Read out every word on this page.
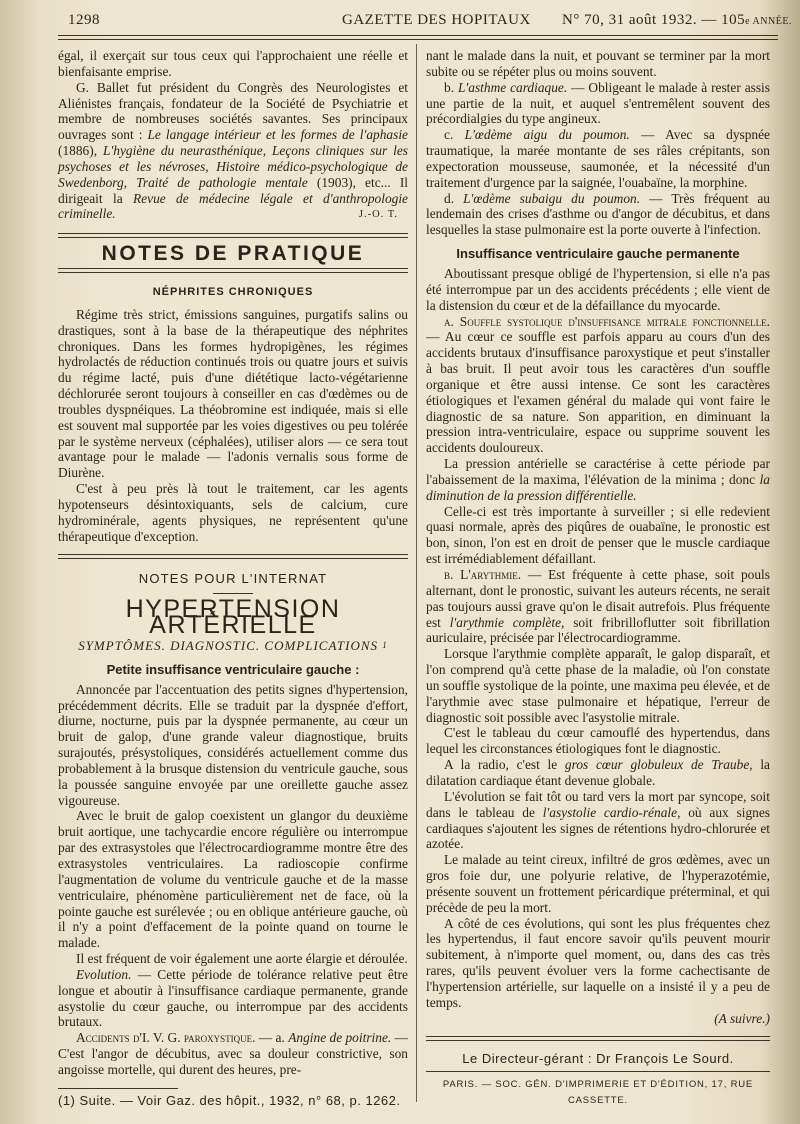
1298	GAZETTE DES HOPITAUX N° 70, 31 août 1932. — 105e ANNÉE.

égal, il exerçait sur tous ceux qui l'approchaient une réelle et bienfaisante emprise.

G. Ballet fut président du Congrès des Neurologistes et Aliénistes français, fondateur de la Société de Psychiatrie et membre de nombreuses sociétés savantes. Ses principaux ouvrages sont : Le langage intérieur et les formes de l'aphasie (1886), L'hygiène du neurasthénique, Leçons cliniques sur les psychoses et les névroses, Histoire médico-psychologique de Swedenborg, Traité de pathologie mentale (1903), etc... Il dirigeait la Revue de médecine légale et d'anthropologie criminelle.	J.-O. T.
NOTES DE PRATIQUE
NÉPHRITES CHRONIQUES

Régime très strict, émissions sanguines, purgatifs salins ou drastiques, sont à la base de la thérapeutique des néphrites chroniques. Dans les formes hydropigènes, les régimes hydrolactés de réduction continués trois ou quatre jours et suivis du régime lacté, puis d'une diététique lacto-végétarienne déchlorurée seront toujours à conseiller en cas d'œdèmes ou de troubles dyspnéiques. La théobromine est indiquée, mais si elle est souvent mal supportée par les voies digestives ou peu tolérée par le système nerveux (céphalées), utiliser alors — ce sera tout avantage pour le malade — l'adonis vernalis sous forme de Diurène.

C'est à peu près là tout le traitement, car les agents hypotenseurs désintoxiquants, sels de calcium, cure hydrominérale, agents physiques, ne représentent qu'une thérapeutique d'exception.

NOTES POUR L'INTERNAT
HYPERTENSION ARTÉRIELLE
SYMPTÔMES. DIAGNOSTIC. COMPLICATIONS $^1$
Petite insuffisance ventriculaire gauche :

Annoncée par l'accentuation des petits signes d'hypertension, précédemment décrits. Elle se traduit par la dyspnée d'effort, diurne, nocturne, puis par la dyspnée permanente, au cœur un bruit de galop, d'une grande valeur diagnostique, bruits surajoutés, présystoliques, considérés actuellement comme dus probablement à la brusque distension du ventricule gauche, sous la poussée sanguine envoyée par une oreillette gauche assez vigoureuse.

Avec le bruit de galop coexistent un glangor du deuxième bruit aortique, une tachycardie encore régulière ou interrompue par des extrasystoles que l'électrocardiogramme montre être des extrasystoles ventriculaires. La radioscopie confirme l'augmentation de volume du ventricule gauche et de la masse ventriculaire, phénomène particulièrement net de face, où la pointe gauche est surélevée ; ou en oblique antérieure gauche, où il n'y a point d'effacement de la pointe quand on tourne le malade.

Il est fréquent de voir également une aorte élargie et déroulée.

Evolution. — Cette période de tolérance relative peut être longue et aboutir à l'insuffisance cardiaque permanente, grande asystolie du cœur gauche, ou interrompue par des accidents brutaux.

Accidents d'I. V. G. paroxystique. — a. Angine de poitrine. — C'est l'angor de décubitus, avec sa douleur constrictive, son angoisse mortelle, qui durent des heures, pre-

(1) Suite. — Voir Gaz. des hôpit., 1932, n° 68, p. 1262.

nant le malade dans la nuit, et pouvant se terminer par la mort subite ou se répéter plus ou moins souvent.

b. L'asthme cardiaque. — Obligeant le malade à rester assis une partie de la nuit, et auquel s'entremêlent souvent des précordialgies du type angineux.

c. L'œdème aigu du poumon. — Avec sa dyspnée traumatique, la marée montante de ses râles crépitants, son expectoration mousseuse, saumonée, et la nécessité d'un traitement d'urgence par la saignée, l'ouabaïne, la morphine.

d. L'œdème subaigu du poumon. — Très fréquent au lendemain des crises d'asthme ou d'angor de décubitus, et dans lesquelles la stase pulmonaire est la porte ouverte à l'infection.

Insuffisance ventriculaire gauche permanente

Aboutissant presque obligé de l'hypertension, si elle n'a pas été interrompue par un des accidents précédents ; elle vient de la distension du cœur et de la défaillance du myocarde.

a. Souffle systolique d'insuffisance mitrale fonctionnelle. — Au cœur ce souffle est parfois apparu au cours d'un des accidents brutaux d'insuffisance paroxystique et peut s'installer à bas bruit. Il peut avoir tous les caractères d'un souffle organique et être aussi intense. Ce sont les caractères étiologiques et l'examen général du malade qui vont faire le diagnostic de sa nature. Son apparition, en diminuant la pression intra-ventriculaire, espace ou supprime souvent les accidents douloureux.

La pression antérielle se caractérise à cette période par l'abaissement de la maxima, l'élévation de la minima ; donc la diminution de la pression différentielle.

Celle-ci est très importante à surveiller ; si elle redevient quasi normale, après des piqûres de ouabaïne, le pronostic est bon, sinon, l'on est en droit de penser que le muscle cardiaque est irrémédiablement défaillant.

b. L'arythmie. — Est fréquente à cette phase, soit pouls alternant, dont le pronostic, suivant les auteurs récents, ne serait pas toujours aussi grave qu'on le disait autrefois. Plus fréquente est l'arythmie complète, soit fribrilloflutter soit fibrillation auriculaire, précisée par l'électrocardiogramme.

Lorsque l'arythmie complète apparaît, le galop disparaît, et l'on comprend qu'à cette phase de la maladie, où l'on constate un souffle systolique de la pointe, une maxima peu élevée, et de l'arythmie avec stase pulmonaire et hépatique, l'erreur de diagnostic soit possible avec l'asystolie mitrale.

C'est le tableau du cœur camouflé des hypertendus, dans lequel les circonstances étiologiques font le diagnostic.

A la radio, c'est le gros cœur globuleux de Traube, la dilatation cardiaque étant devenue globale.

L'évolution se fait tôt ou tard vers la mort par syncope, soit dans le tableau de l'asystolie cardio-rénale, où aux signes cardiaques s'ajoutent les signes de rétentions hydro-chlorurée et azotée.

Le malade au teint cireux, infiltré de gros œdèmes, avec un gros foie dur, une polyurie relative, de l'hyperazotémie, présente souvent un frottement péricardique préterminal, et qui précède de peu la mort.

A côté de ces évolutions, qui sont les plus fréquentes chez les hypertendus, il faut encore savoir qu'ils peuvent mourir subitement, à n'importe quel moment, ou, dans des cas très rares, qu'ils peuvent évoluer vers la forme cachectisante de l'hypertension artérielle, sur laquelle on a insisté il y a peu de temps.

(A suivre.)
Le Directeur-gérant : Dr François Le Sourd.
PARIS. — SOC. GÉN. D'IMPRIMERIE ET D'ÉDITION, 17, RUE CASSETTE.
